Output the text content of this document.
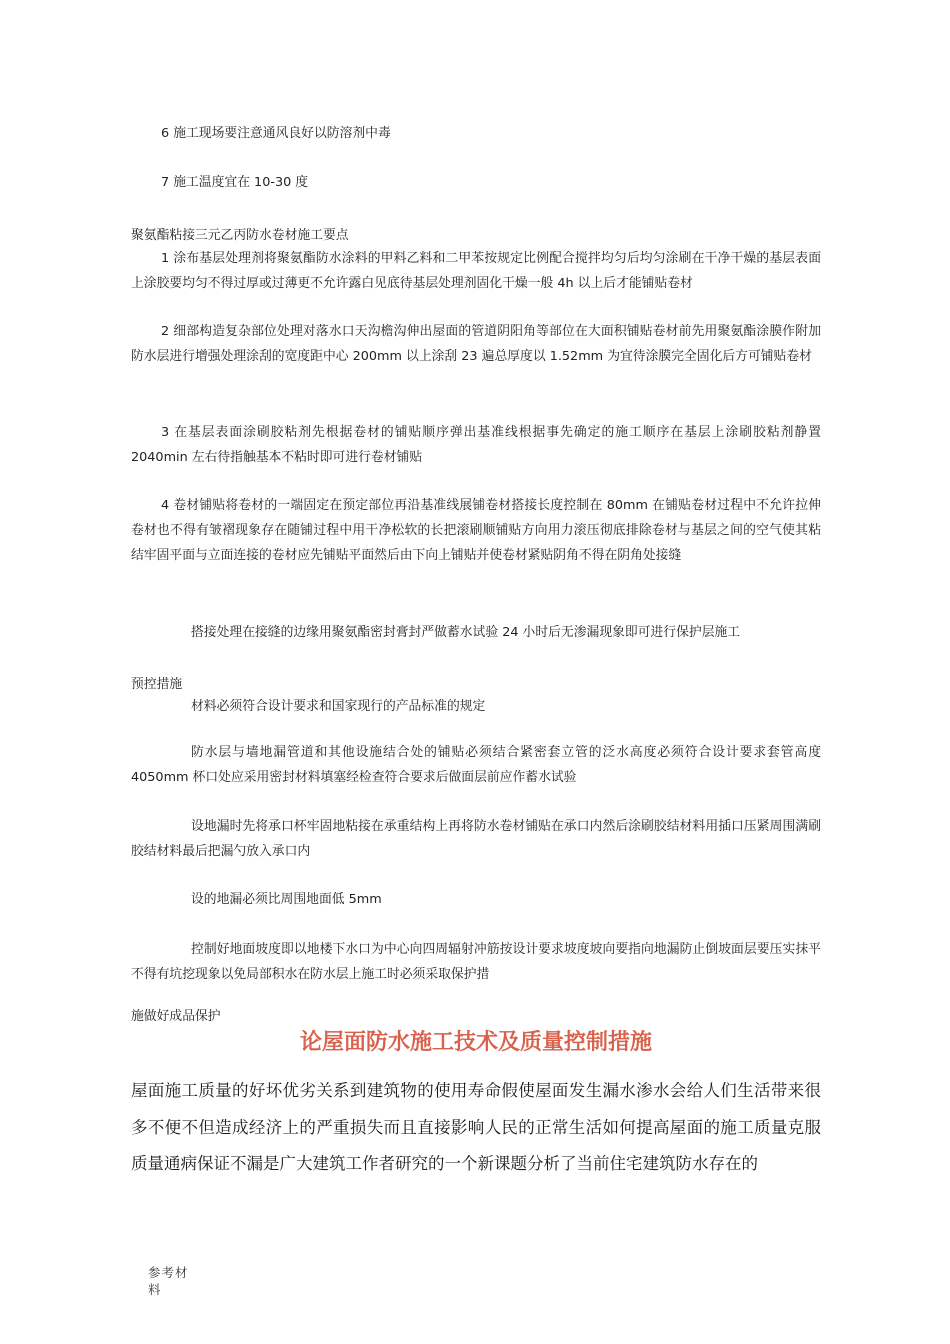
6 施工现场要注意通风良好以防溶剂中毒

7 施工温度宜在 10-30 度

聚氨酯粘接三元乙丙防水卷材施工要点

1 涂布基层处理剂将聚氨酯防水涂料的甲料乙料和二甲苯按规定比例配合搅拌均匀后均匀涂刷在干净干燥的基层表面上涂胶要均匀不得过厚或过薄更不允许露白见底待基层处理剂固化干燥一般 4h 以上后才能铺贴卷材

2 细部构造复杂部位处理对落水口天沟檐沟伸出屋面的管道阴阳角等部位在大面积铺贴卷材前先用聚氨酯涂膜作附加防水层进行增强处理涂刮的宽度距中心 200mm 以上涂刮 23 遍总厚度以 1.52mm 为宜待涂膜完全固化后方可铺贴卷材

3 在基层表面涂刷胶粘剂先根据卷材的铺贴顺序弹出基准线根据事先确定的施工顺序在基层上涂刷胶粘剂静置 2040min 左右待指触基本不粘时即可进行卷材铺贴

4 卷材铺贴将卷材的一端固定在预定部位再沿基准线展铺卷材搭接长度控制在 80mm 在铺贴卷材过程中不允许拉伸卷材也不得有皱褶现象存在随铺过程中用干净松软的长把滚刷顺铺贴方向用力滚压彻底排除卷材与基层之间的空气使其粘结牢固平面与立面连接的卷材应先铺贴平面然后由下向上铺贴并使卷材紧贴阴角不得在阴角处接缝

搭接处理在接缝的边缘用聚氨酯密封膏封严做蓄水试验 24 小时后无渗漏现象即可进行保护层施工

预控措施

材料必须符合设计要求和国家现行的产品标准的规定

防水层与墙地漏管道和其他设施结合处的铺贴必须结合紧密套立管的泛水高度必须符合设计要求套管高度 4050mm 杯口处应采用密封材料填塞经检查符合要求后做面层前应作蓄水试验

设地漏时先将承口杯牢固地粘接在承重结构上再将防水卷材铺贴在承口内然后涂刷胶结材料用插口压紧周围满刷胶结材料最后把漏勺放入承口内

设的地漏必须比周围地面低 5mm

控制好地面坡度即以地楼下水口为中心向四周辐射冲筋按设计要求坡度坡向要指向地漏防止倒坡面层要压实抹平不得有坑挖现象以免局部积水在防水层上施工时必须采取保护措

施做好成品保护

论屋面防水施工技术及质量控制措施

屋面施工质量的好坏优劣关系到建筑物的使用寿命假使屋面发生漏水渗水会给人们生活带来很多不便不但造成经济上的严重损失而且直接影响人民的正常生活如何提高屋面的施工质量克服质量通病保证不漏是广大建筑工作者研究的一个新课题分析了当前住宅建筑防水存在的

参考材料
